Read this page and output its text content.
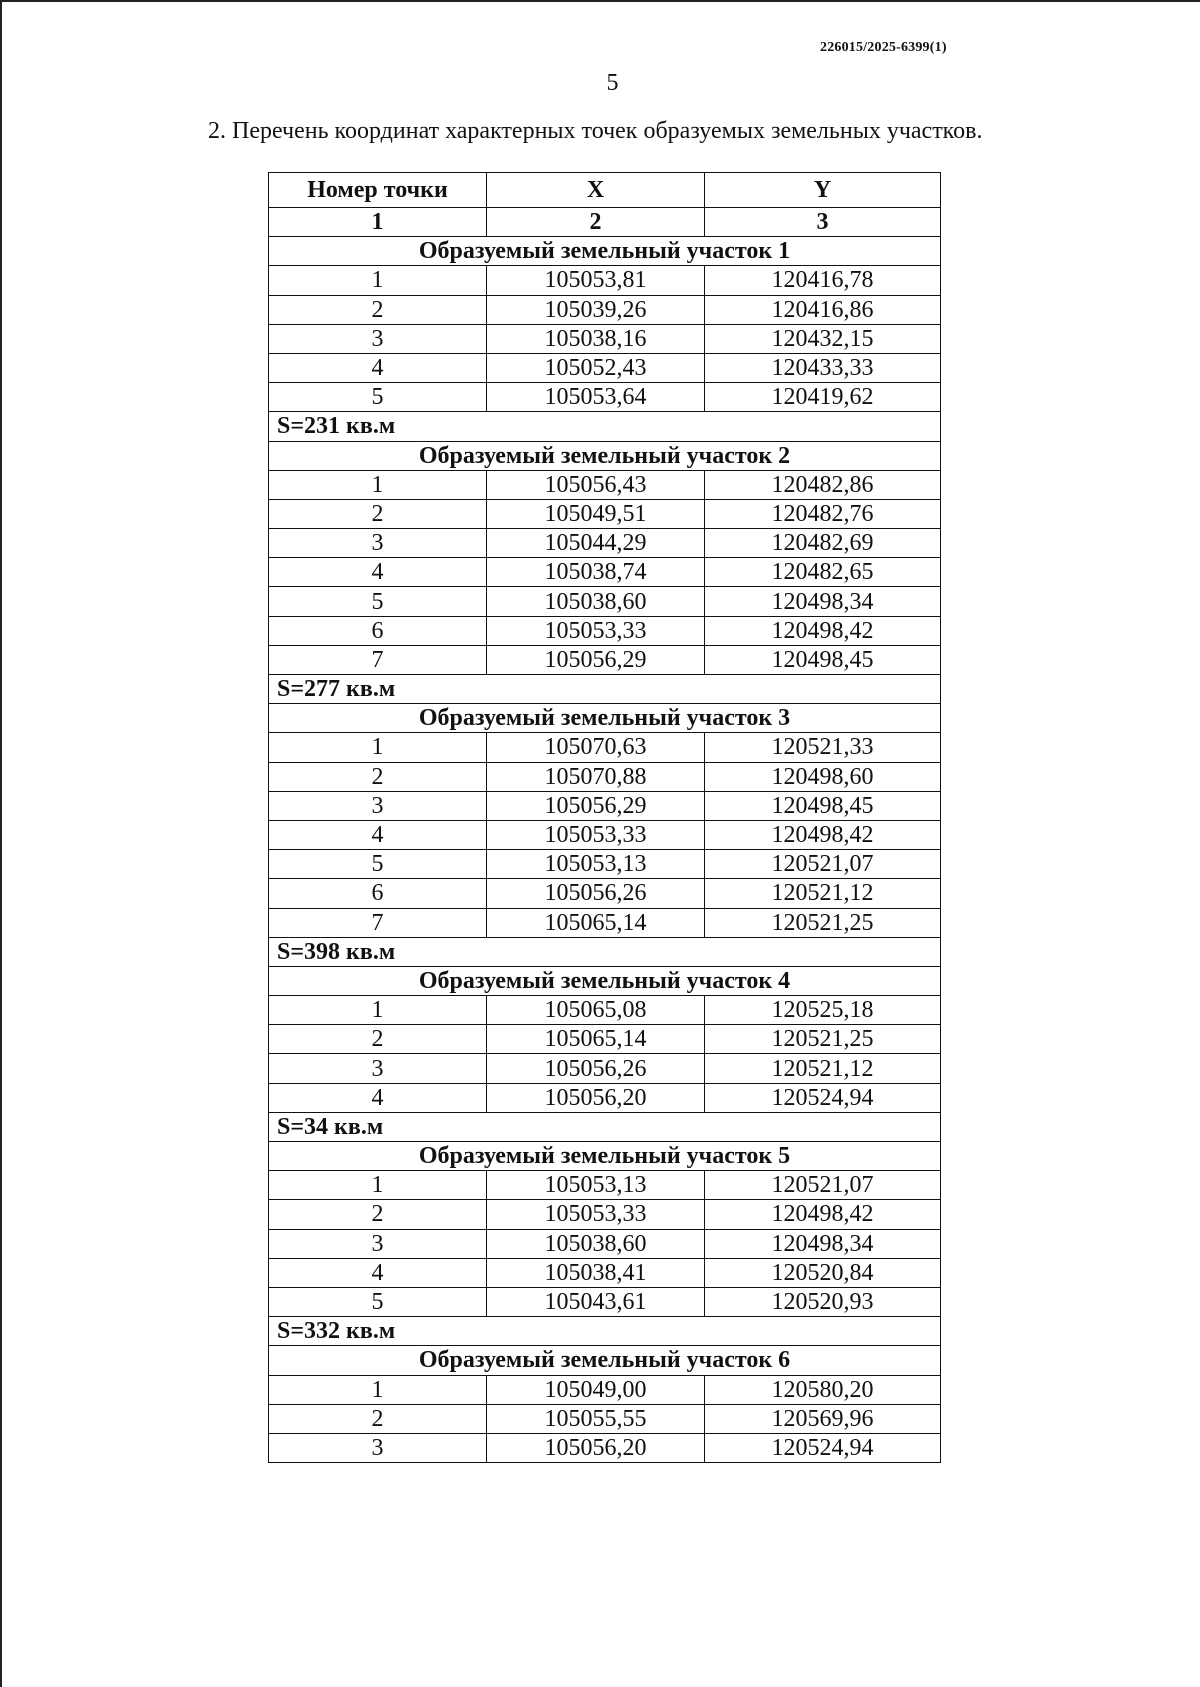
226015/2025-6399(1)
5
2. Перечень координат характерных точек образуемых земельных участков.
Номер точки	X	Y
1	2	3
Образуемый земельный участок 1		
1	105053,81	120416,78
2	105039,26	120416,86
3	105038,16	120432,15
4	105052,43	120433,33
5	105053,64	120419,62
S=231 кв.м		
Образуемый земельный участок 2		
1	105056,43	120482,86
2	105049,51	120482,76
3	105044,29	120482,69
4	105038,74	120482,65
5	105038,60	120498,34
6	105053,33	120498,42
7	105056,29	120498,45
S=277 кв.м		
Образуемый земельный участок 3		
1	105070,63	120521,33
2	105070,88	120498,60
3	105056,29	120498,45
4	105053,33	120498,42
5	105053,13	120521,07
6	105056,26	120521,12
7	105065,14	120521,25
S=398 кв.м		
Образуемый земельный участок 4		
1	105065,08	120525,18
2	105065,14	120521,25
3	105056,26	120521,12
4	105056,20	120524,94
S=34 кв.м		
Образуемый земельный участок 5		
1	105053,13	120521,07
2	105053,33	120498,42
3	105038,60	120498,34
4	105038,41	120520,84
5	105043,61	120520,93
S=332 кв.м		
Образуемый земельный участок 6		
1	105049,00	120580,20
2	105055,55	120569,96
3	105056,20	120524,94
